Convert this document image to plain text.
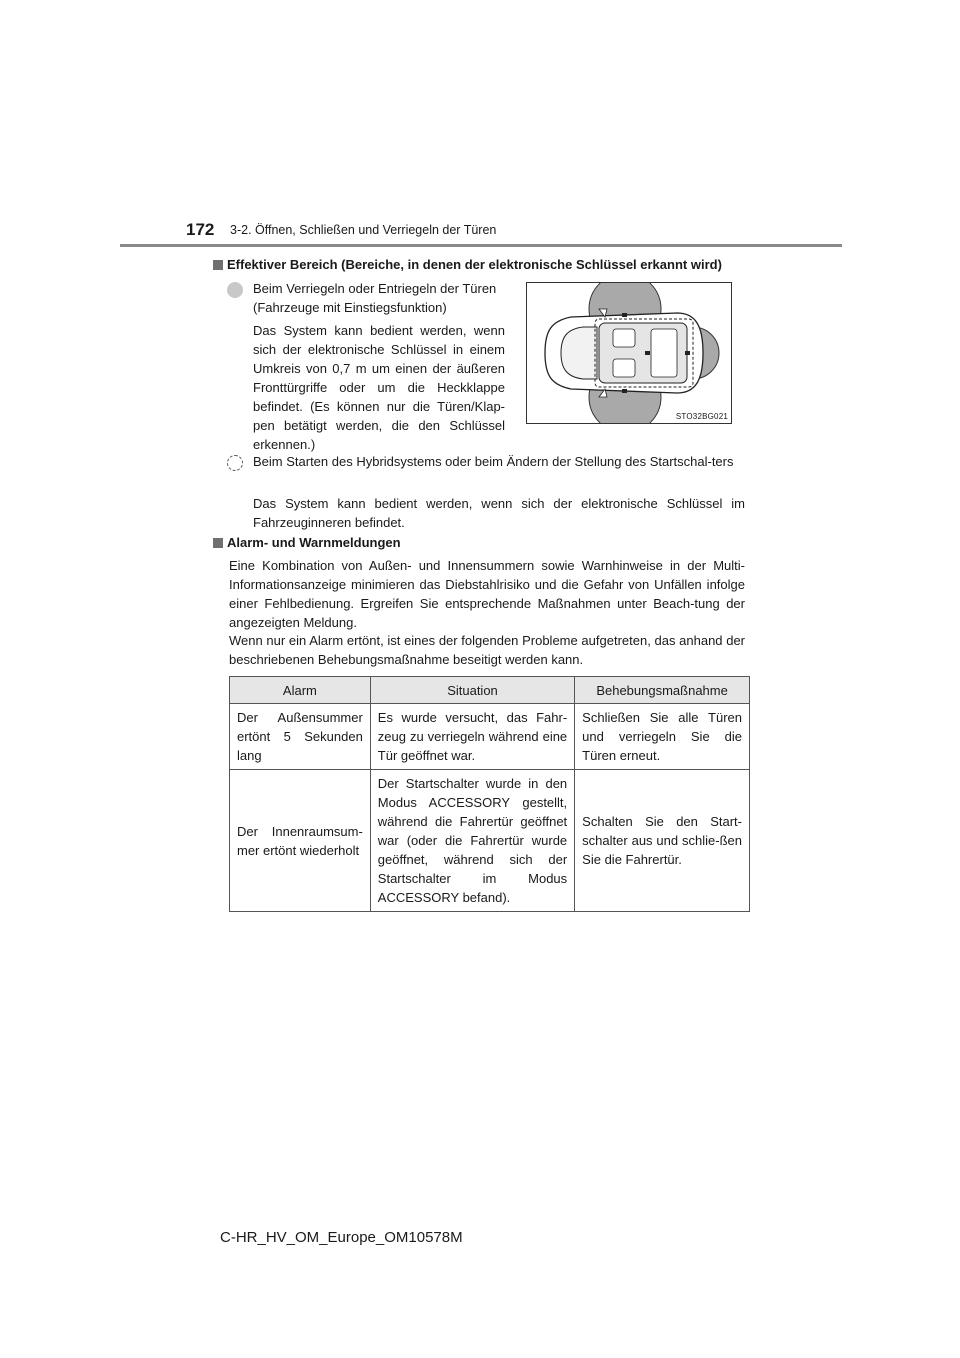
172 3-2. Öffnen, Schließen und Verriegeln der Türen
Effektiver Bereich (Bereiche, in denen der elektronische Schlüssel erkannt wird)
Beim Verriegeln oder Entriegeln der Türen (Fahrzeuge mit Einstiegsfunktion)
Das System kann bedient werden, wenn sich der elektronische Schlüssel in einem Umkreis von 0,7 m um einen der äußeren Fronttürgriffe oder um die Heckklappe befindet. (Es können nur die Türen/Klap-pen betätigt werden, die den Schlüssel erkennen.)
STO32BG021
Beim Starten des Hybridsystems oder beim Ändern der Stellung des Startschal-ters
Das System kann bedient werden, wenn sich der elektronische Schlüssel im Fahrzeuginneren befindet.
Alarm- und Warnmeldungen
Eine Kombination von Außen- und Innensummern sowie Warnhinweise in der Multi-Informationsanzeige minimieren das Diebstahlrisiko und die Gefahr von Unfällen infolge einer Fehlbedienung. Ergreifen Sie entsprechende Maßnahmen unter Beach-tung der angezeigten Meldung.
Wenn nur ein Alarm ertönt, ist eines der folgenden Probleme aufgetreten, das anhand der beschriebenen Behebungsmaßnahme beseitigt werden kann.
Alarm	Situation	Behebungsmaßnahme
Der Außensummer ertönt 5 Sekunden lang	Es wurde versucht, das Fahr-zeug zu verriegeln während eine Tür geöffnet war.	Schließen Sie alle Türen und verriegeln Sie die Türen erneut.
Der Innenraumsum-mer ertönt wiederholt	Der Startschalter wurde in den Modus ACCESSORY gestellt, während die Fahrertür geöffnet war (oder die Fahrertür wurde geöffnet, während sich der Startschalter im Modus ACCESSORY befand).	Schalten Sie den Start-schalter aus und schlie-ßen Sie die Fahrertür.
C-HR_HV_OM_Europe_OM10578M
